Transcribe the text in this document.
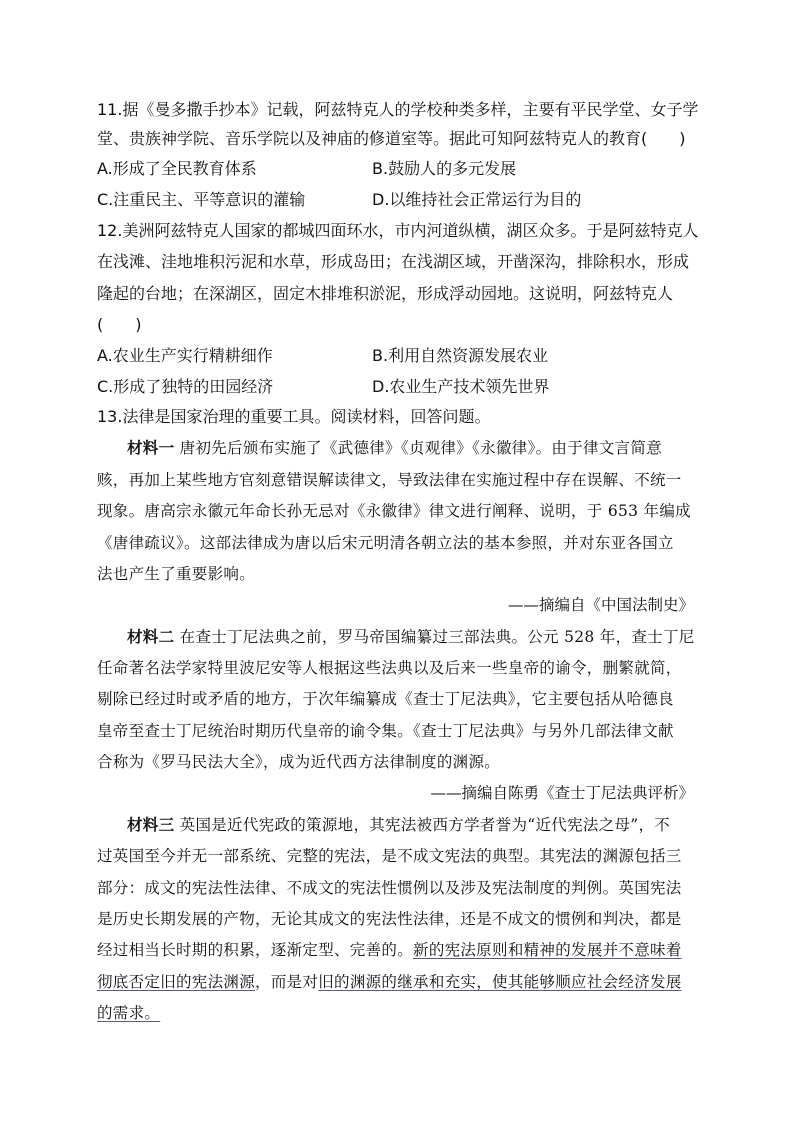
11.据《曼多撒手抄本》记载，阿兹特克人的学校种类多样，主要有平民学堂、女子学
堂、贵族神学院、音乐学院以及神庙的修道室等。据此可知阿兹特克人的教育(　　)
A.形成了全民教育体系	B.鼓励人的多元发展
C.注重民主、平等意识的灌输	D.以维持社会正常运行为目的
12.美洲阿兹特克人国家的都城四面环水，市内河道纵横，湖区众多。于是阿兹特克人
在浅滩、洼地堆积污泥和水草，形成岛田；在浅湖区域，开凿深沟，排除积水，形成
隆起的台地；在深湖区，固定木排堆积淤泥，形成浮动园地。这说明，阿兹特克人
(　　)
A.农业生产实行精耕细作	B.利用自然资源发展农业
C.形成了独特的田园经济	D.农业生产技术领先世界
13.法律是国家治理的重要工具。阅读材料，回答问题。
材料一 唐初先后颁布实施了《武德律》《贞观律》《永徽律》。由于律文言简意
赅，再加上某些地方官刻意错误解读律文，导致法律在实施过程中存在误解、不统一
现象。唐高宗永徽元年命长孙无忌对《永徽律》律文进行阐释、说明，于 653 年编成
《唐律疏议》。这部法律成为唐以后宋元明清各朝立法的基本参照，并对东亚各国立
法也产生了重要影响。
——摘编自《中国法制史》
材料二 在查士丁尼法典之前，罗马帝国编纂过三部法典。公元 528 年，查士丁尼
任命著名法学家特里波尼安等人根据这些法典以及后来一些皇帝的谕令，删繁就简，
剔除已经过时或矛盾的地方，于次年编纂成《查士丁尼法典》，它主要包括从哈德良
皇帝至查士丁尼统治时期历代皇帝的谕令集。《查士丁尼法典》与另外几部法律文献
合称为《罗马民法大全》，成为近代西方法律制度的渊源。
——摘编自陈勇《查士丁尼法典评析》
材料三 英国是近代宪政的策源地，其宪法被西方学者誉为“近代宪法之母”，不
过英国至今并无一部系统、完整的宪法，是不成文宪法的典型。其宪法的渊源包括三
部分：成文的宪法性法律、不成文的宪法性惯例以及涉及宪法制度的判例。英国宪法
是历史长期发展的产物，无论其成文的宪法性法律，还是不成文的惯例和判决，都是
经过相当长时期的积累，逐渐定型、完善的。新的宪法原则和精神的发展并不意味着
彻底否定旧的宪法渊源，而是对旧的渊源的继承和充实，使其能够顺应社会经济发展
的需求。
